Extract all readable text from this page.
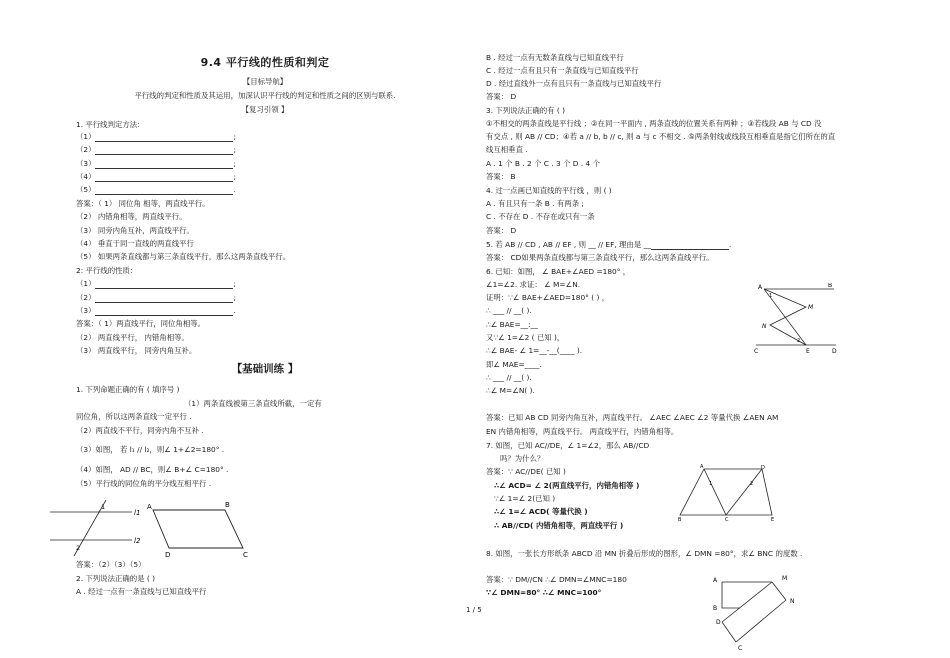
9.4 平行线的性质和判定
【目标导航】
平行线的判定和性质及其运用，加深认识平行线的判定和性质之间的区别与联系.
【复习引领 】
1. 平行线判定方法:
（1）	;
（2）	;
（3）	;
（4）	;
（5）	.
答案：（ 1） 同位角 相等，两直线平行。
（2） 内错角相等，两直线平行。
（3） 同旁内角互补，两直线平行。
（4） 垂直于同一直线的两直线平行
（5） 如果两条直线都与第三条直线平行，那么这两条直线平行。
2: 平行线的性质：
（1）	;
（2）	;
（3）	.
答案：（ 1）两直线平行，同位角相等。
（2） 两直线平行， 内错角相等。
（3） 两直线平行， 同旁内角互补。
【基础训练 】
1. 下列命题正确的有 ( 填序号 )
（1）两条直线被第三条直线所截，一定有
同位角，所以这两条直线一定平行 .
（2）两直线不平行，同旁内角不互补 .
（3）如图， 若 l₁ // l₂，则∠ 1+∠2=180° .
（4）如图， AD // BC，则∠ B+∠ C=180° .
（5）平行线的同位角的平分线互相平行 .
答案：（2）（3）（5）
2. 下列说法正确的是 ( )
A . 经过一点有一条直线与已知直线平行
l1
l2
1
2
A	B
C
D
B . 经过一点有无数条直线与已知直线平行
C . 经过一点有且只有一条直线与已知直线平行
D . 经过直线外一点有且只有一条直线与已知直线平行
答案： D
3. 下列说法正确的有 ( )
①不相交的两条直线是平行线 ；②在同一平面内 , 两条直线的位置关系有两种 ；③若线段 AB 与 CD 没
有交点 , 则 AB // CD；④若 a // b, b // c, 则 a 与 c 不相交 . ⑤两条射线或线段互相垂直是指它们所在的直
线互相垂直 .
A . 1 个 B . 2 个 C . 3 个 D . 4 个
答案： B
4. 过一点画已知直线的平行线 ，则 ( )
A . 有且只有一条 B . 有两条 ;
C . 不存在 D . 不存在或只有一条
答案： D
5. 若 AB // CD , AB // EF , 则 __ // EF, 理由是 __	.
答案： CD如果两条直线都与第三条直线平行，那么这两条直线平行。
6. 已知：如图， ∠ BAE+∠AED =180° ，
∠1=∠2. 求证： ∠ M=∠N.
证明：∵∠ BAE+∠AED=180° ( ) ，
∴ ___ // __( ).
∴∠ BAE=__:__
又∵∠ 1=∠2 ( 已知 )，
∴∠ BAE- ∠ 1=__-__(____ ).
即∠ MAE=____.
∴ ___ // __( ).
∴∠ M=∠N( ).
答案：已知 AB CD 同旁内角互补，两直线平行。 ∠AEC ∠AEC ∠2 等量代换 ∠AEN AM
EN 内错角相等，两直线平行。 两直线平行，内错角相等。
7. 如图，已知 AC//DE，∠ 1=∠2，那么 AB//CD
吗？为什么？
答案：∵ AC//DE( 已知 )
∴∠ ACD= ∠ 2(两直线平行，内错角相等 )
∵∠ 1=∠ 2(已知 )
∴∠ 1=∠ ACD( 等量代换 )
∴ AB//CD( 内错角相等，两直线平行 )
8. 如图，一张长方形纸条 ABCD 沿 MN 折叠后形成的图形，∠ DMN =80°，求∠ BNC 的度数 .
答案：∵ DM//CN ∴∠ DMN=∠MNC=180
∵∠ DMN=80° ∴∠ MNC=100°
A	B
C	D
E
M
N
1
2
A	D
B	C	E
1	2
A
B
D
C
M
N
1 / 5
